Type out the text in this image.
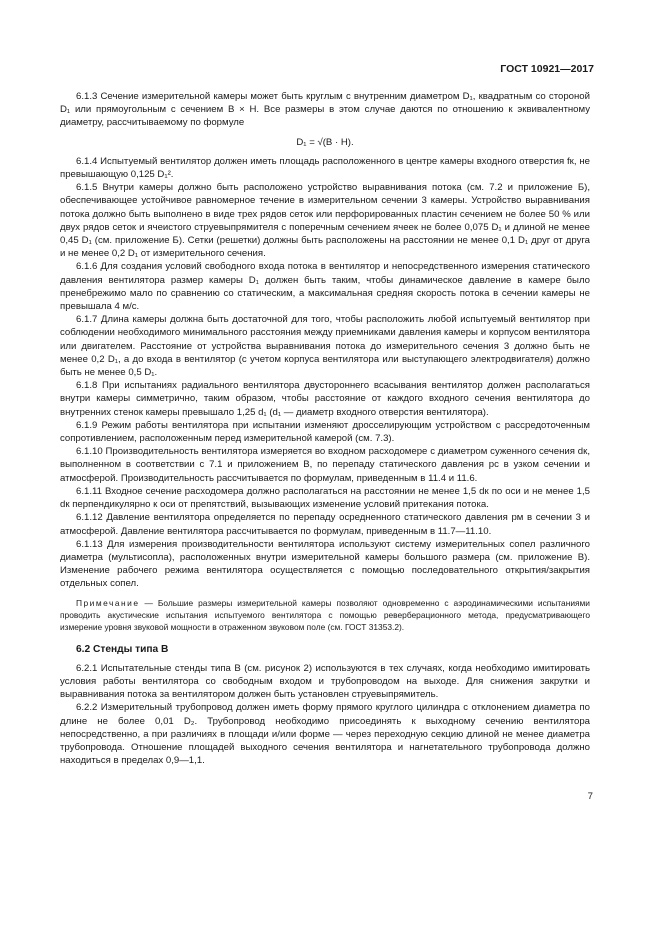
ГОСТ 10921—2017

6.1.3 Сечение измерительной камеры может быть круглым с внутренним диаметром D₁, квадратным со стороной D₁ или прямоугольным с сечением B × H. Все размеры в этом случае даются по отношению к эквивалентному диаметру, рассчитываемому по формуле

D₁ = √(B · H).

6.1.4 Испытуемый вентилятор должен иметь площадь расположенного в центре камеры входного отверстия fк, не превышающую 0,125 D₁².

6.1.5 Внутри камеры должно быть расположено устройство выравнивания потока (см. 7.2 и приложение Б), обеспечивающее устойчивое равномерное течение в измерительном сечении 3 камеры. Устройство выравнивания потока должно быть выполнено в виде трех рядов сеток или перфорированных пластин сечением не более 50 % или двух рядов сеток и ячеистого струевыпрямителя с поперечным сечением ячеек не более 0,075 D₁ и длиной не менее 0,45 D₁ (см. приложение Б). Сетки (решетки) должны быть расположены на расстоянии не менее 0,1 D₁ друг от друга и не менее 0,2 D₁ от измерительного сечения.

6.1.6 Для создания условий свободного входа потока в вентилятор и непосредственного измерения статического давления вентилятора размер камеры D₁ должен быть таким, чтобы динамическое давление в камере было пренебрежимо мало по сравнению со статическим, а максимальная средняя скорость потока в сечении камеры не превышала 4 м/с.

6.1.7 Длина камеры должна быть достаточной для того, чтобы расположить любой испытуемый вентилятор при соблюдении необходимого минимального расстояния между приемниками давления камеры и корпусом вентилятора или двигателем. Расстояние от устройства выравнивания потока до измерительного сечения 3 должно быть не менее 0,2 D₁, а до входа в вентилятор (с учетом корпуса вентилятора или выступающего электродвигателя) должно быть не менее 0,5 D₁.

6.1.8 При испытаниях радиального вентилятора двустороннего всасывания вентилятор должен располагаться внутри камеры симметрично, таким образом, чтобы расстояние от каждого входного сечения вентилятора до внутренних стенок камеры превышало 1,25 d₁ (d₁ — диаметр входного отверстия вентилятора).

6.1.9 Режим работы вентилятора при испытании изменяют дросселирующим устройством с рассредоточенным сопротивлением, расположенным перед измерительной камерой (см. 7.3).

6.1.10 Производительность вентилятора измеряется во входном расходомере с диаметром суженного сечения dк, выполненном в соответствии с 7.1 и приложением В, по перепаду статического давления pс в узком сечении и атмосферой. Производительность рассчитывается по формулам, приведенным в 11.4 и 11.6.

6.1.11 Входное сечение расходомера должно располагаться на расстоянии не менее 1,5 dк по оси и не менее 1,5 dк перпендикулярно к оси от препятствий, вызывающих изменение условий притекания потока.

6.1.12 Давление вентилятора определяется по перепаду осредненного статического давления pм в сечении 3 и атмосферой. Давление вентилятора рассчитывается по формулам, приведенным в 11.7—11.10.

6.1.13 Для измерения производительности вентилятора используют систему измерительных сопел различного диаметра (мультисопла), расположенных внутри измерительной камеры большого размера (см. приложение В). Изменение рабочего режима вентилятора осуществляется с помощью последовательного открытия/закрытия отдельных сопел.

Примечание — Большие размеры измерительной камеры позволяют одновременно с аэродинамическими испытаниями проводить акустические испытания испытуемого вентилятора с помощью реверберационного метода, предусматривающего измерение уровня звуковой мощности в отраженном звуковом поле (см. ГОСТ 31353.2).

6.2 Стенды типа В

6.2.1 Испытательные стенды типа В (см. рисунок 2) используются в тех случаях, когда необходимо имитировать условия работы вентилятора со свободным входом и трубопроводом на выходе. Для снижения закрутки и выравнивания потока за вентилятором должен быть установлен струевыпрямитель.

6.2.2 Измерительный трубопровод должен иметь форму прямого круглого цилиндра с отклонением диаметра по длине не более 0,01 D₂. Трубопровод необходимо присоединять к выходному сечению вентилятора непосредственно, а при различиях в площади и/или форме — через переходную секцию длиной не менее диаметра трубопровода. Отношение площадей выходного сечения вентилятора и нагнетательного трубопровода должно находиться в пределах 0,9—1,1.

7
